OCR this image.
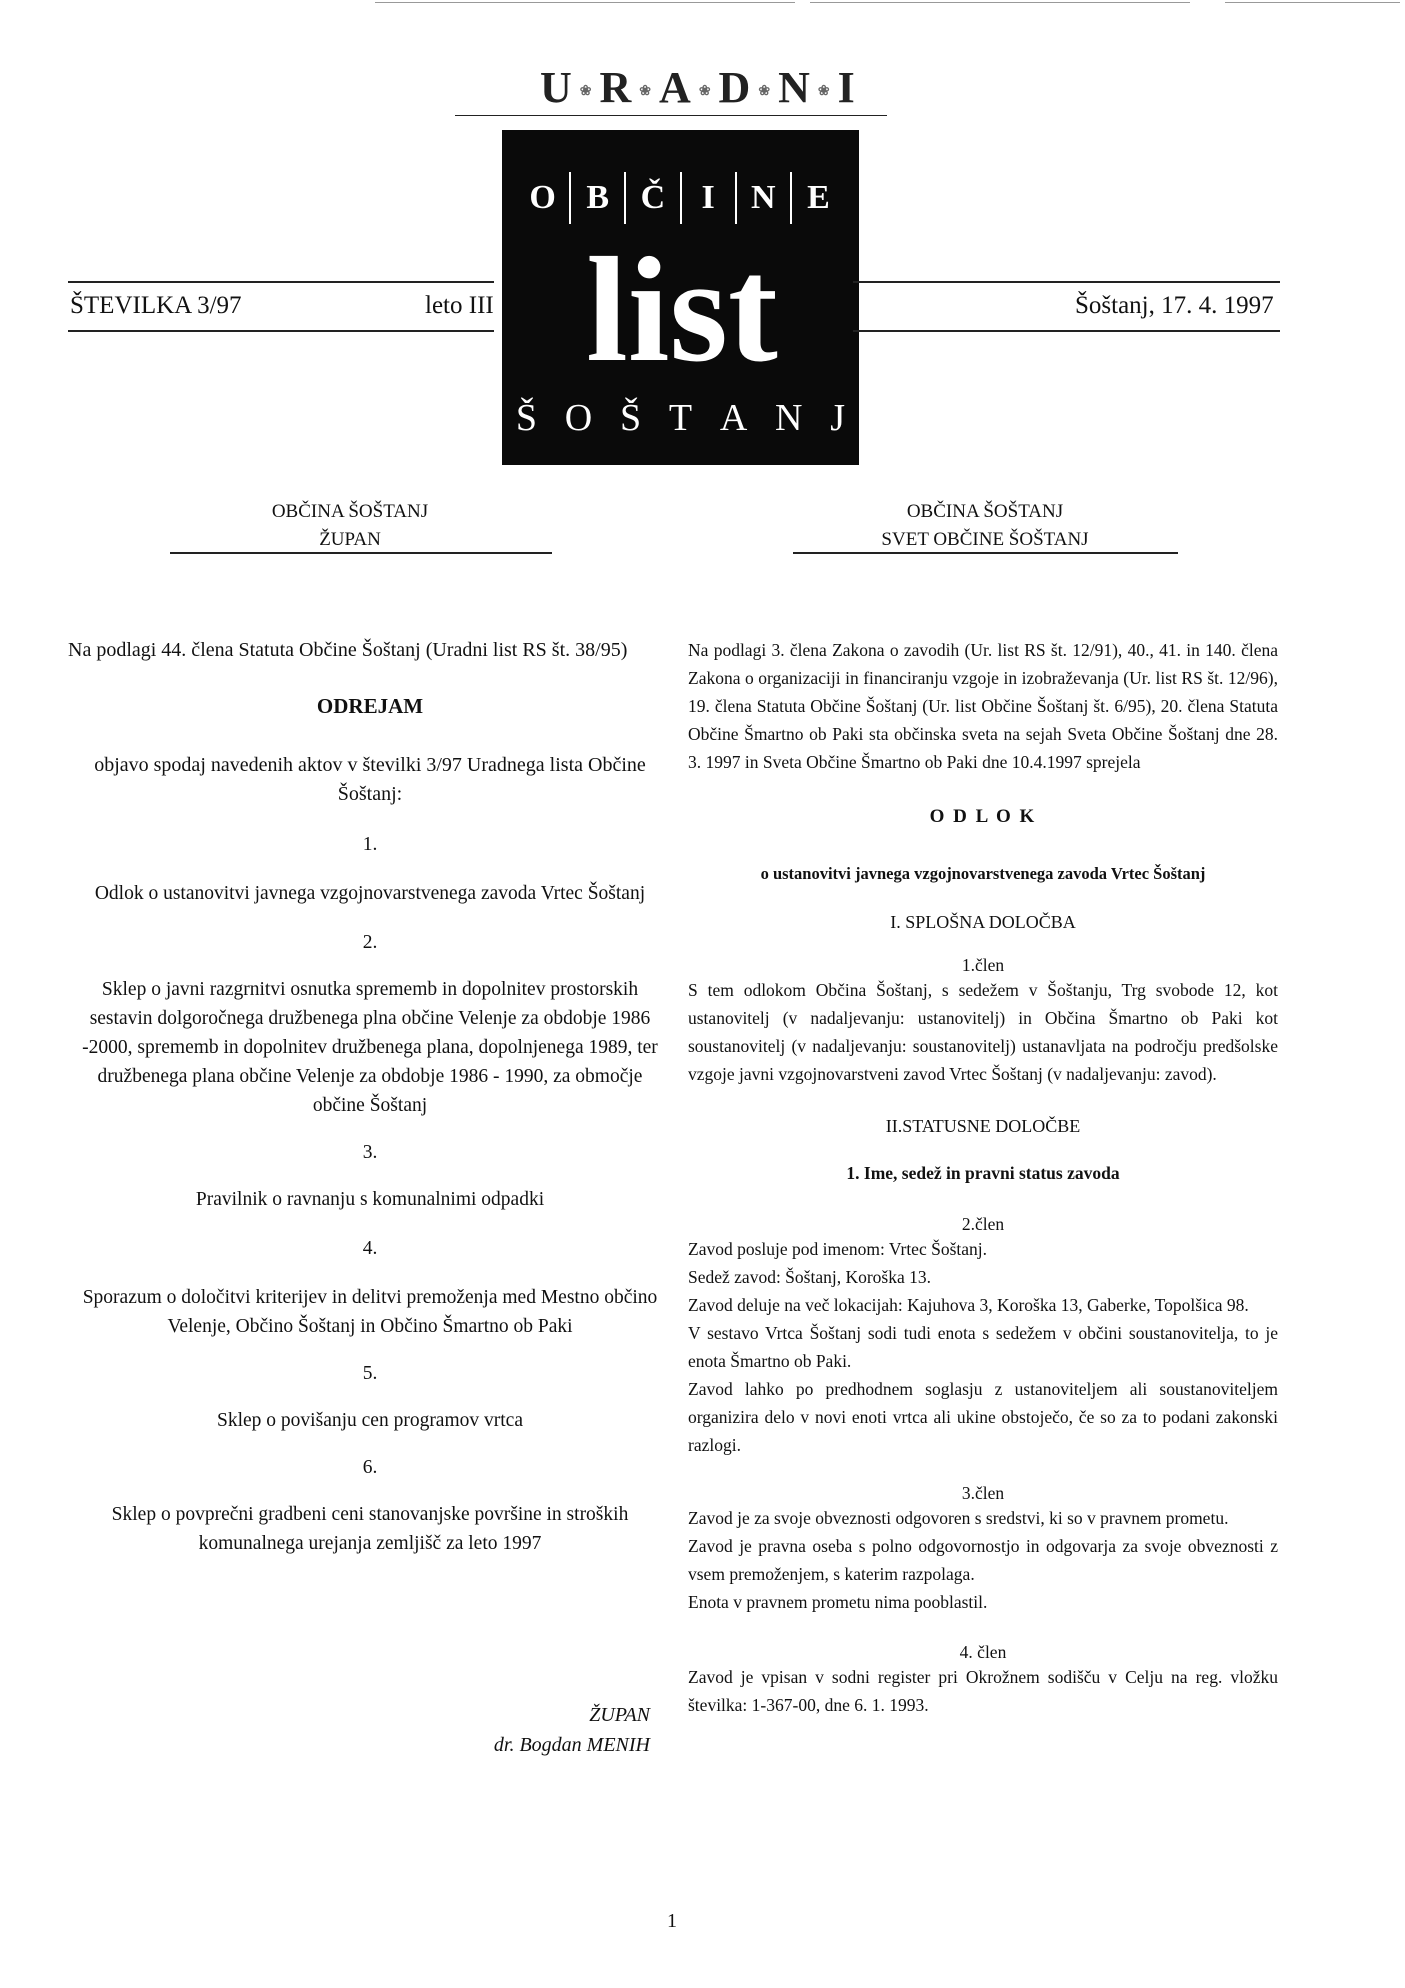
U ❀R ❀A ❀D ❀N ❀I
O B Č	I	N E
list
Š O Š T A N J
ŠTEVILKA 3/97	leto III	Šoštanj, 17. 4. 1997
OBČINA ŠOŠTANJ
ŽUPAN
OBČINA ŠOŠTANJ
SVET OBČINE ŠOŠTANJ
Na podlagi 44. člena Statuta Občine Šoštanj (Uradni list RS št. 38/95)
ODREJAM
objavo spodaj navedenih aktov v številki 3/97 Uradnega lista Občine Šoštanj:
1.
Odlok o ustanovitvi javnega vzgojnovarstvenega zavoda Vrtec Šoštanj
2.
Sklep o javni razgrnitvi osnutka sprememb in dopolnitev prostorskih sestavin dolgoročnega družbenega plna občine Velenje za obdobje 1986 -2000, sprememb in dopolnitev družbenega plana, dopolnjenega 1989, ter družbenega plana občine Velenje za obdobje 1986 - 1990, za območje občine Šoštanj
3.
Pravilnik o ravnanju s komunalnimi odpadki
4.
Sporazum o določitvi kriterijev in delitvi premoženja med Mestno občino Velenje, Občino Šoštanj in Občino Šmartno ob Paki
5.
Sklep o povišanju cen programov vrtca
6.
Sklep o povprečni gradbeni ceni stanovanjske površine in stroških komunalnega urejanja zemljišč za leto 1997
ŽUPAN
dr. Bogdan MENIH
Na podlagi 3. člena Zakona o zavodih (Ur. list RS št. 12/91), 40., 41. in 140. člena Zakona o organizaciji in financiranju vzgoje in izobraževanja (Ur. list RS št. 12/96), 19. člena Statuta Občine Šoštanj (Ur. list Občine Šoštanj št. 6/95), 20. člena Statuta Občine Šmartno ob Paki sta občinska sveta na sejah Sveta Občine Šoštanj dne 28. 3. 1997 in Sveta Občine Šmartno ob Paki dne 10.4.1997 sprejela
O D L O K
o ustanovitvi javnega vzgojnovarstvenega zavoda Vrtec Šoštanj
I. SPLOŠNA DOLOČBA
1.člen
S tem odlokom Občina Šoštanj, s sedežem v Šoštanju, Trg svobode 12, kot ustanovitelj (v nadaljevanju: ustanovitelj) in Občina Šmartno ob Paki kot soustanovitelj (v nadaljevanju: soustanovitelj) ustanavljata na področju predšolske vzgoje javni vzgojnovarstveni zavod Vrtec Šoštanj (v nadaljevanju: zavod).
II.STATUSNE DOLOČBE
1. Ime, sedež in pravni status zavoda
2.člen
Zavod posluje pod imenom: Vrtec Šoštanj.
Sedež zavod: Šoštanj, Koroška 13.
Zavod deluje na več lokacijah: Kajuhova 3, Koroška 13, Gaberke, Topolšica 98.
V sestavo Vrtca Šoštanj sodi tudi enota s sedežem v občini soustanovitelja, to je enota Šmartno ob Paki.
Zavod lahko po predhodnem soglasju z ustanoviteljem ali soustanoviteljem organizira delo v novi enoti vrtca ali ukine obstoječo, če so za to podani zakonski razlogi.
3.člen
Zavod je za svoje obveznosti odgovoren s sredstvi, ki so v pravnem prometu.
Zavod je pravna oseba s polno odgovornostjo in odgovarja za svoje obveznosti z vsem premoženjem, s katerim razpolaga.
Enota v pravnem prometu nima pooblastil.
4. člen
Zavod je vpisan v sodni register pri Okrožnem sodišču v Celju na reg. vložku številka: 1-367-00, dne 6. 1. 1993.
1
